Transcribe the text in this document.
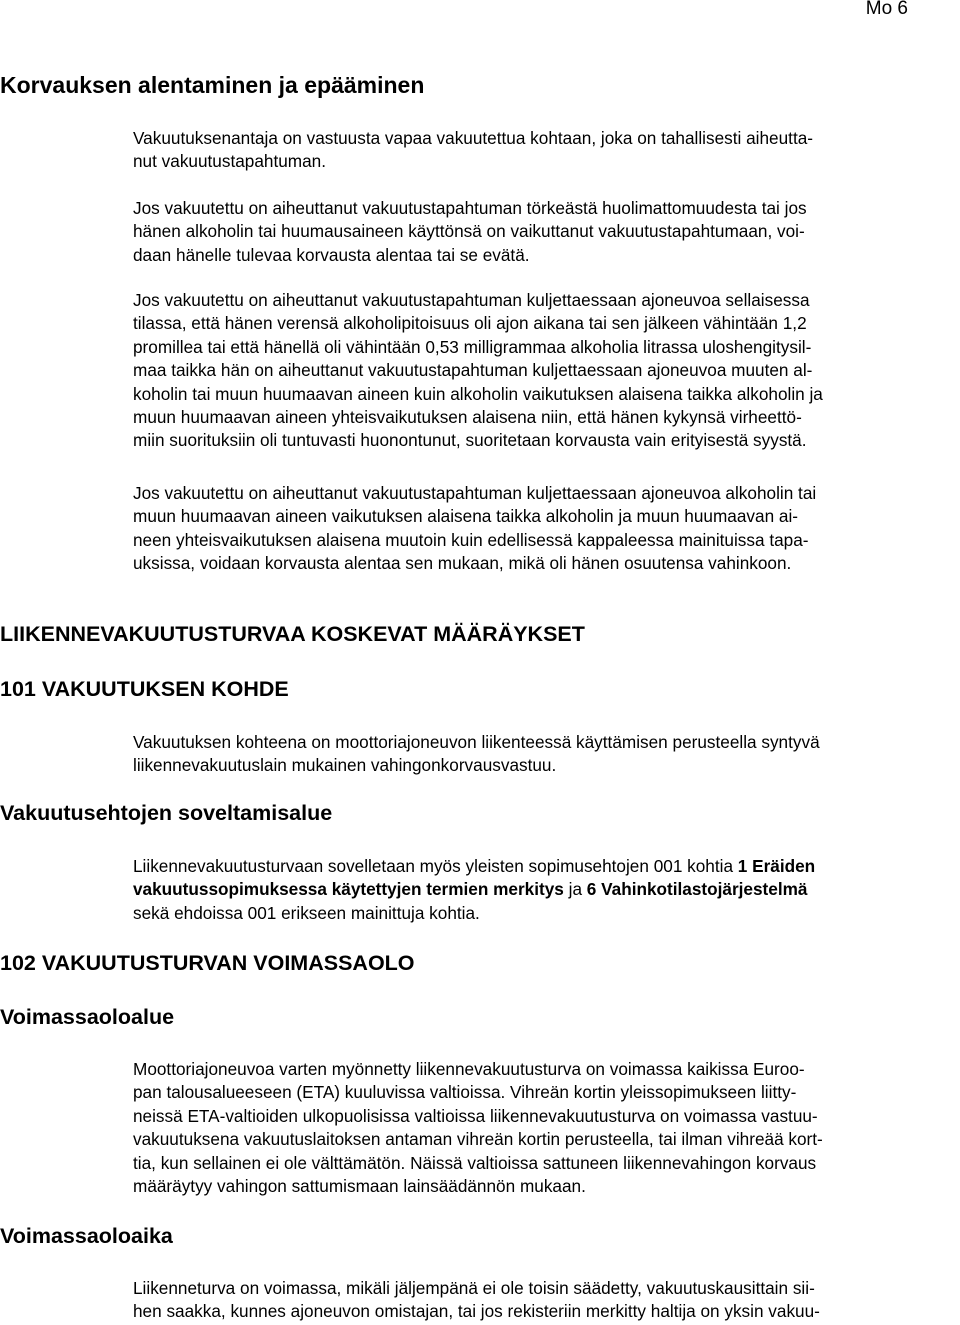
Mo 6
Korvauksen alentaminen ja epääminen

Vakuutuksenantaja on vastuusta vapaa vakuutettua kohtaan, joka on tahallisesti aiheutta-
nut vakuutustapahtuman.

Jos vakuutettu on aiheuttanut vakuutustapahtuman törkeästä huolimattomuudesta tai jos
hänen alkoholin tai huumausaineen käyttönsä on vaikuttanut vakuutustapahtumaan, voi-
daan hänelle tulevaa korvausta alentaa tai se evätä.

Jos vakuutettu on aiheuttanut vakuutustapahtuman kuljettaessaan ajoneuvoa sellaisessa
tilassa, että hänen verensä alkoholipitoisuus oli ajon aikana tai sen jälkeen vähintään 1,2
promillea tai että hänellä oli vähintään 0,53 milligrammaa alkoholia litrassa uloshengitysil-
maa taikka hän on aiheuttanut vakuutustapahtuman kuljettaessaan ajoneuvoa muuten al-
koholin tai muun huumaavan aineen kuin alkoholin vaikutuksen alaisena taikka alkoholin ja
muun huumaavan aineen yhteisvaikutuksen alaisena niin, että hänen kykynsä virheettö-
miin suorituksiin oli tuntuvasti huonontunut, suoritetaan korvausta vain erityisestä syystä.

Jos vakuutettu on aiheuttanut vakuutustapahtuman kuljettaessaan ajoneuvoa alkoholin tai
muun huumaavan aineen vaikutuksen alaisena taikka alkoholin ja muun huumaavan ai-
neen yhteisvaikutuksen alaisena muutoin kuin edellisessä kappaleessa mainituissa tapa-
uksissa, voidaan korvausta alentaa sen mukaan, mikä oli hänen osuutensa vahinkoon.

LIIKENNEVAKUUTUSTURVAA KOSKEVAT MÄÄRÄYKSET
101 VAKUUTUKSEN KOHDE

Vakuutuksen kohteena on moottoriajoneuvon liikenteessä käyttämisen perusteella syntyvä
liikennevakuutuslain mukainen vahingonkorvausvastuu.

Vakuutusehtojen soveltamisalue

Liikennevakuutusturvaan sovelletaan myös yleisten sopimusehtojen 001 kohtia 1 Eräiden
vakuutussopimuksessa käytettyjen termien merkitys ja 6 Vahinkotilastojärjestelmä
sekä ehdoissa 001 erikseen mainittuja kohtia.

102 VAKUUTUSTURVAN VOIMASSAOLO
Voimassaoloalue

Moottoriajoneuvoa varten myönnetty liikennevakuutusturva on voimassa kaikissa Euroo-
pan talousalueeseen (ETA) kuuluvissa valtioissa. Vihreän kortin yleissopimukseen liitty-
neissä ETA-valtioiden ulkopuolisissa valtioissa liikennevakuutusturva on voimassa vastuu-
vakuutuksena vakuutuslaitoksen antaman vihreän kortin perusteella, tai ilman vihreää kort-
tia, kun sellainen ei ole välttämätön. Näissä valtioissa sattuneen liikennevahingon korvaus
määräytyy vahingon sattumismaan lainsäädännön mukaan.

Voimassaoloaika

Liikenneturva on voimassa, mikäli jäljempänä ei ole toisin säädetty, vakuutuskausittain sii-
hen saakka, kunnes ajoneuvon omistajan, tai jos rekisteriin merkitty haltija on yksin vakuu-
